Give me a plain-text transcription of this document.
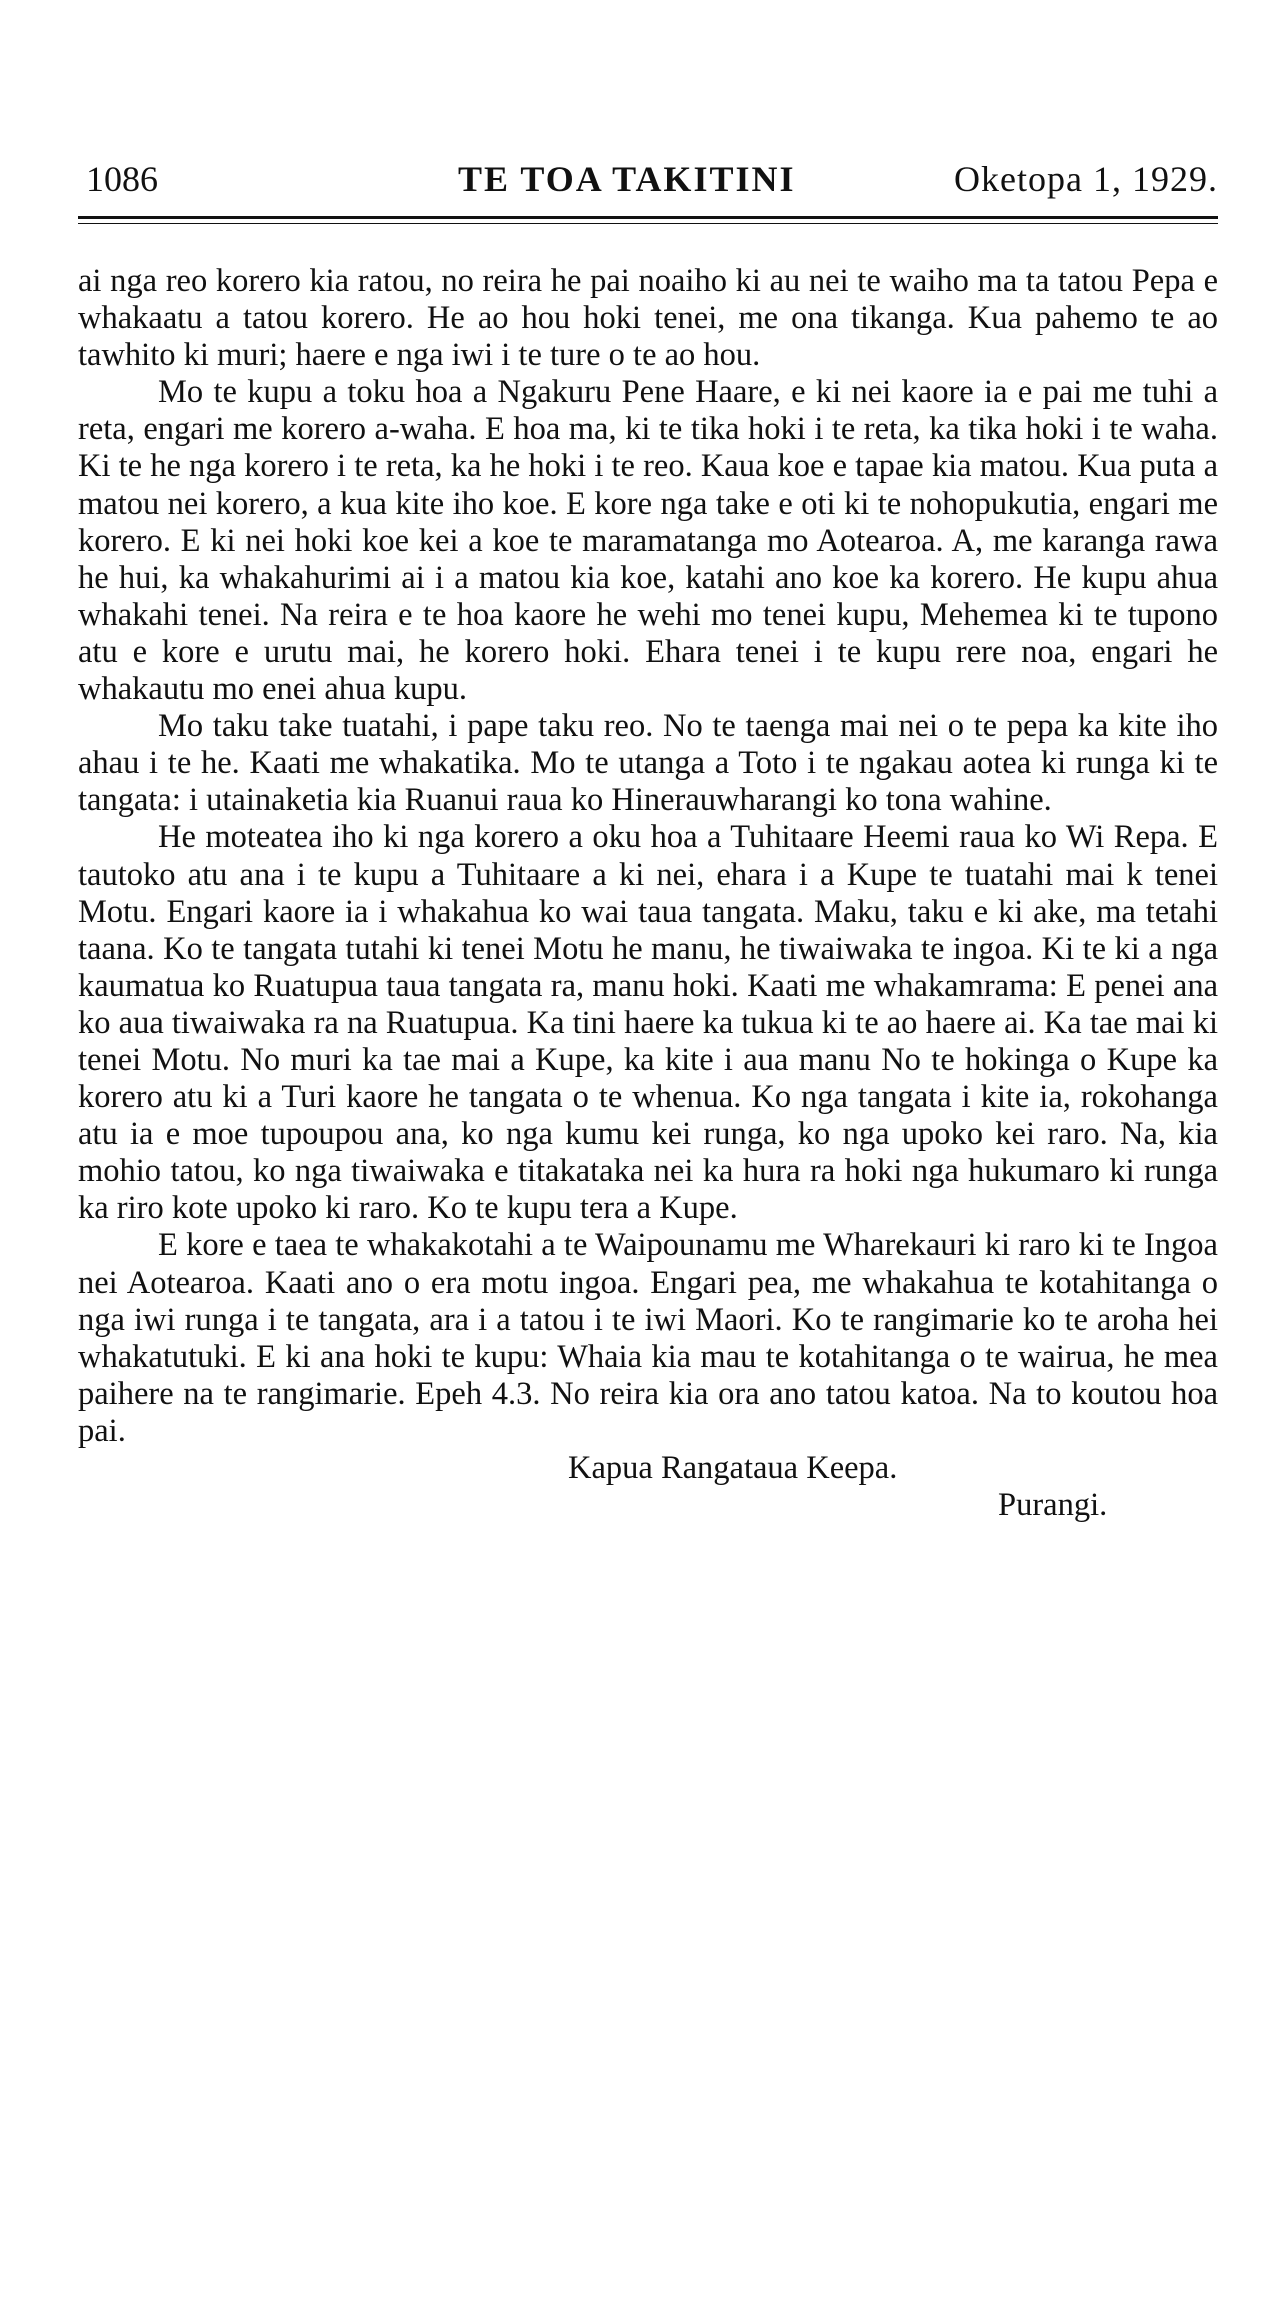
1086	TE TOA TAKITINI	Oketopa 1, 1929.

ai nga reo korero kia ratou, no reira he pai noaiho ki au nei te waiho ma ta tatou Pepa e whakaatu a tatou korero. He ao hou hoki tenei, me ona tikanga. Kua pahemo te ao tawhito ki muri; haere e nga iwi i te ture o te ao hou.

Mo te kupu a toku hoa a Ngakuru Pene Haare, e ki nei kaore ia e pai me tuhi a reta, engari me korero a-waha. E hoa ma, ki te tika hoki i te reta, ka tika hoki i te waha. Ki te he nga korero i te reta, ka he hoki i te reo. Kaua koe e tapae kia matou. Kua puta a matou nei korero, a kua kite iho koe. E kore nga take e oti ki te nohopukutia, engari me korero. E ki nei hoki koe kei a koe te maramatanga mo Aotearoa. A, me karanga rawa he hui, ka whakahurimi ai i a matou kia koe, katahi ano koe ka korero. He kupu ahua whakahi tenei. Na reira e te hoa kaore he wehi mo tenei kupu, Mehemea ki te tupono atu e kore e urutu mai, he korero hoki. Ehara tenei i te kupu rere noa, engari he whakautu mo enei ahua kupu.

Mo taku take tuatahi, i pape taku reo. No te taenga mai nei o te pepa ka kite iho ahau i te he. Kaati me whakatika. Mo te utanga a Toto i te ngakau aotea ki runga ki te tangata: i utainaketia kia Ruanui raua ko Hinerauwharangi ko tona wahine.

He moteatea iho ki nga korero a oku hoa a Tuhitaare Heemi raua ko Wi Repa. E tautoko atu ana i te kupu a Tuhitaare a ki nei, ehara i a Kupe te tuatahi mai k tenei Motu. Engari kaore ia i whakahua ko wai taua tangata. Maku, taku e ki ake, ma tetahi taana. Ko te tangata tutahi ki tenei Motu he manu, he tiwaiwaka te ingoa. Ki te ki a nga kaumatua ko Ruatupua taua tangata ra, manu hoki. Kaati me whakamrama: E penei ana ko aua tiwaiwaka ra na Ruatupua. Ka tini haere ka tukua ki te ao haere ai. Ka tae mai ki tenei Motu. No muri ka tae mai a Kupe, ka kite i aua manu No te hokinga o Kupe ka korero atu ki a Turi kaore he tangata o te whenua. Ko nga tangata i kite ia, rokohanga atu ia e moe tupoupou ana, ko nga kumu kei runga, ko nga upoko kei raro. Na, kia mohio tatou, ko nga tiwaiwaka e titakataka nei ka hura ra hoki nga hukumaro ki runga ka riro kote upoko ki raro. Ko te kupu tera a Kupe.

E kore e taea te whakakotahi a te Waipounamu me Wharekauri ki raro ki te Ingoa nei Aotearoa. Kaati ano o era motu ingoa. Engari pea, me whakahua te kotahitanga o nga iwi runga i te tangata, ara i a tatou i te iwi Maori. Ko te rangimarie ko te aroha hei whakatutuki. E ki ana hoki te kupu: Whaia kia mau te kotahitanga o te wairua, he mea paihere na te rangimarie. Epeh 4.3. No reira kia ora ano tatou katoa. Na to koutou hoa pai.

Kapua Rangataua Keepa.
Purangi.
